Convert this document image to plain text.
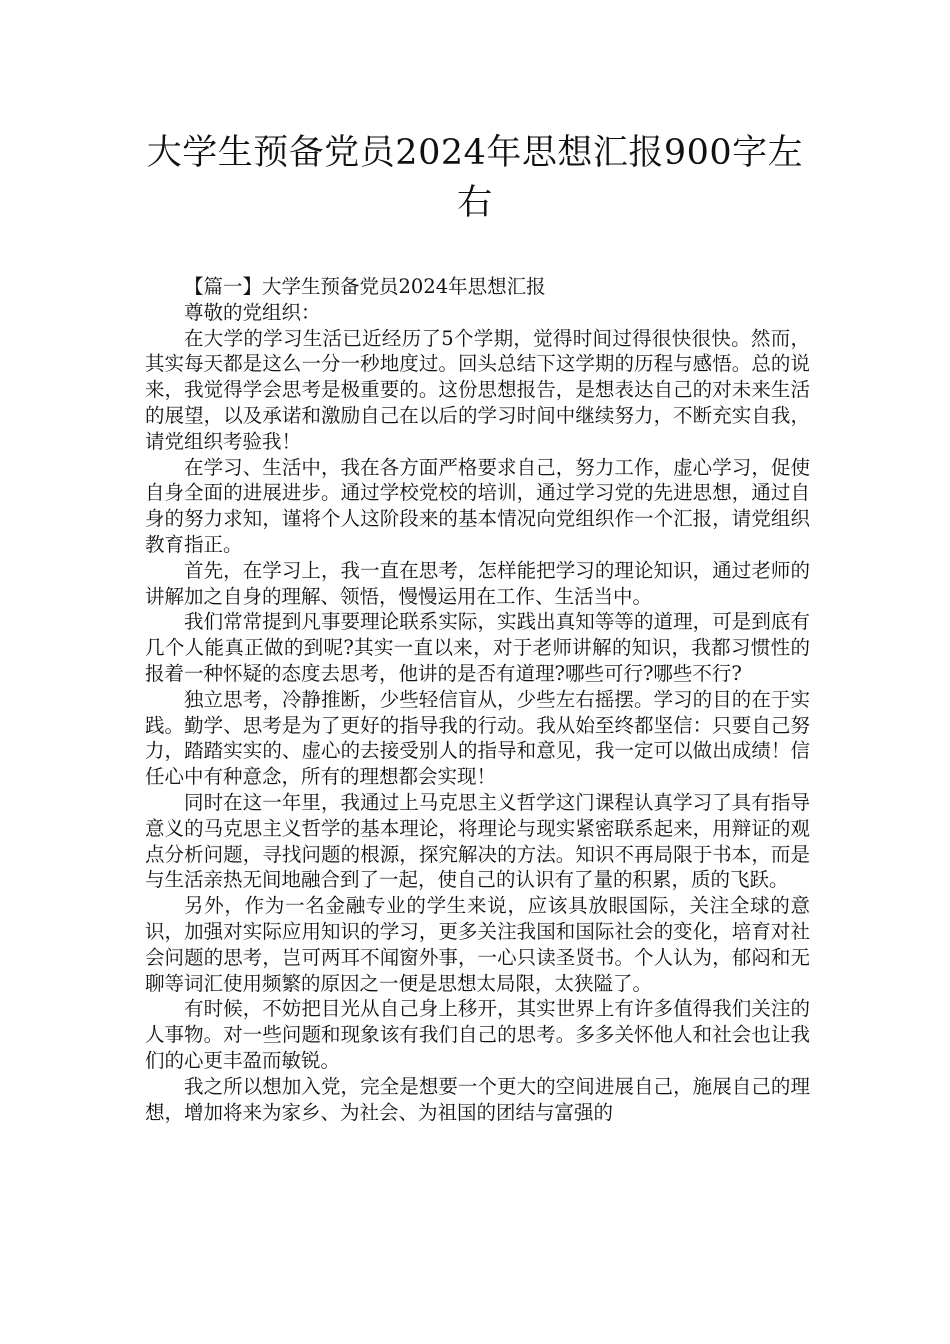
大学生预备党员2024年思想汇报900字左右

【篇一】大学生预备党员2024年思想汇报

尊敬的党组织：

在大学的学习生活已近经历了5个学期，觉得时间过得很快很快。然而，其实每天都是这么一分一秒地度过。回头总结下这学期的历程与感悟。总的说来，我觉得学会思考是极重要的。这份思想报告，是想表达自己的对未来生活的展望，以及承诺和激励自己在以后的学习时间中继续努力，不断充实自我，请党组织考验我！

在学习、生活中，我在各方面严格要求自己，努力工作，虚心学习，促使自身全面的进展进步。通过学校党校的培训，通过学习党的先进思想，通过自身的努力求知，谨将个人这阶段来的基本情况向党组织作一个汇报，请党组织教育指正。

首先，在学习上，我一直在思考，怎样能把学习的理论知识，通过老师的讲解加之自身的理解、领悟，慢慢运用在工作、生活当中。

我们常常提到凡事要理论联系实际，实践出真知等等的道理，可是到底有几个人能真正做的到呢?其实一直以来，对于老师讲解的知识，我都习惯性的报着一种怀疑的态度去思考，他讲的是否有道理?哪些可行?哪些不行?

独立思考，冷静推断，少些轻信盲从，少些左右摇摆。学习的目的在于实践。勤学、思考是为了更好的指导我的行动。我从始至终都坚信：只要自己努力，踏踏实实的、虚心的去接受别人的指导和意见，我一定可以做出成绩！信任心中有种意念，所有的理想都会实现！

同时在这一年里，我通过上马克思主义哲学这门课程认真学习了具有指导意义的马克思主义哲学的基本理论，将理论与现实紧密联系起来，用辩证的观点分析问题，寻找问题的根源，探究解决的方法。知识不再局限于书本，而是与生活亲热无间地融合到了一起，使自己的认识有了量的积累，质的飞跃。

另外，作为一名金融专业的学生来说，应该具放眼国际，关注全球的意识，加强对实际应用知识的学习，更多关注我国和国际社会的变化，培育对社会问题的思考，岂可两耳不闻窗外事，一心只读圣贤书。个人认为，郁闷和无聊等词汇使用频繁的原因之一便是思想太局限，太狭隘了。

有时候，不妨把目光从自己身上移开，其实世界上有许多值得我们关注的人事物。对一些问题和现象该有我们自己的思考。多多关怀他人和社会也让我们的心更丰盈而敏锐。

我之所以想加入党，完全是想要一个更大的空间进展自己，施展自己的理想，增加将来为家乡、为社会、为祖国的团结与富强的
